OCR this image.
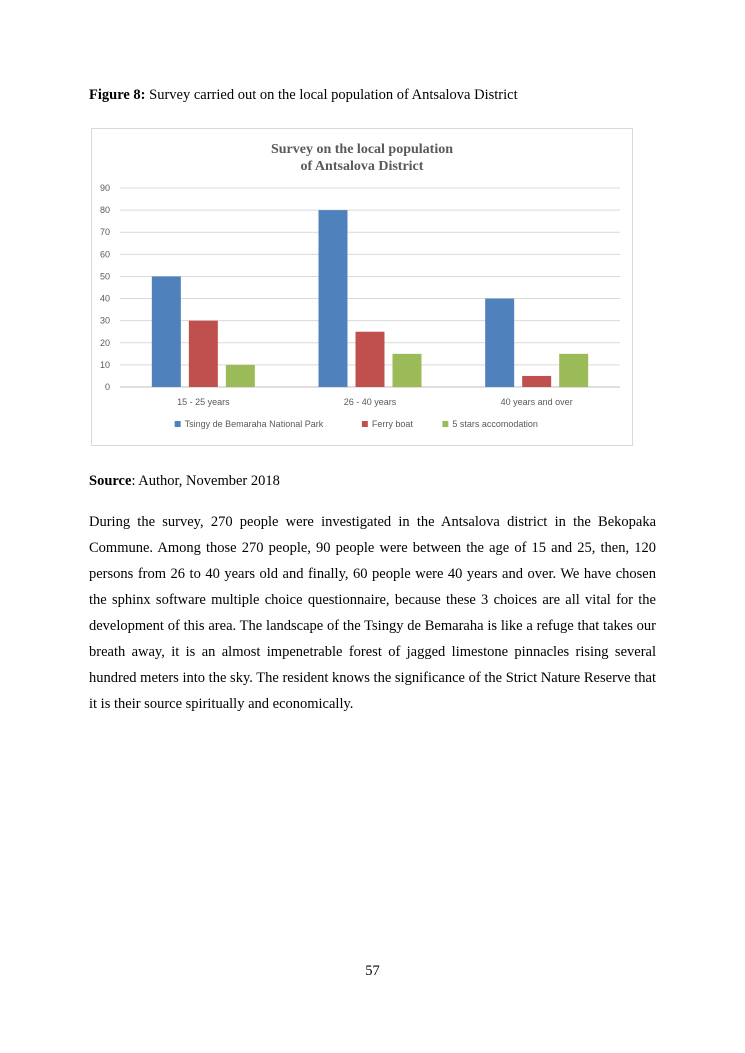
Figure 8: Survey carried out on the local population of Antsalova District
Survey on the local population
of Antsalova District
0
10
20
30
40
50
60
70
80
90
15 - 25 years	26 - 40 years	40 years and over
Tsingy de Bemaraha National Park	Ferry boat	5 stars accomodation
Source: Author, November 2018
During the survey, 270 people were investigated in the Antsalova district in the Bekopaka Commune. Among those 270 people, 90 people were between the age of 15 and 25, then, 120 persons from 26 to 40 years old and finally, 60 people were 40 years and over. We have chosen the sphinx software multiple choice questionnaire, because these 3 choices are all vital for the development of this area. The landscape of the Tsingy de Bemaraha is like a refuge that takes our breath away, it is an almost impenetrable forest of jagged limestone pinnacles rising several hundred meters into the sky. The resident knows the significance of the Strict Nature Reserve that it is their source spiritually and economically.
57
